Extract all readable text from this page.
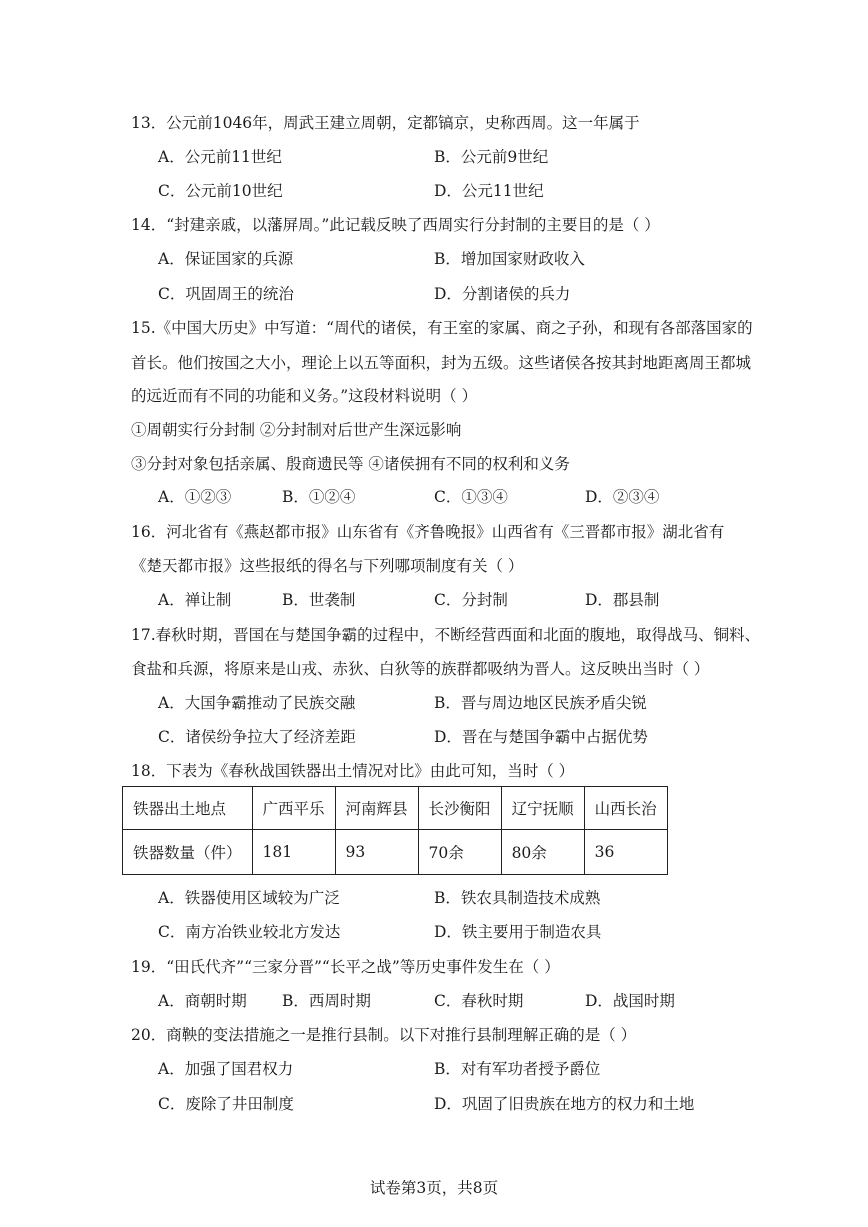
13．公元前1046年，周武王建立周朝，定都镐京，史称西周。这一年属于
A．公元前11世纪	B．公元前9世纪
C．公元前10世纪	D．公元11世纪
14．“封建亲戚，以藩屏周。”此记载反映了西周实行分封制的主要目的是（ ）
A．保证国家的兵源	B．增加国家财政收入
C．巩固周王的统治	D．分割诸侯的兵力
15.《中国大历史》中写道：“周代的诸侯，有王室的家属、商之子孙，和现有各部落国家的
首长。他们按国之大小，理论上以五等面积，封为五级。这些诸侯各按其封地距离周王都城
的远近而有不同的功能和义务。”这段材料说明（ ）
①周朝实行分封制 ②分封制对后世产生深远影响
③分封对象包括亲属、殷商遗民等 ④诸侯拥有不同的权利和义务
A．①②③	B．①②④	C．①③④	D．②③④
16．河北省有《燕赵都市报》山东省有《齐鲁晚报》山西省有《三晋都市报》湖北省有
《楚天都市报》这些报纸的得名与下列哪项制度有关（ ）
A．禅让制	B．世袭制	C．分封制	D．郡县制
17.春秋时期，晋国在与楚国争霸的过程中，不断经营西面和北面的腹地，取得战马、铜料、
食盐和兵源，将原来是山戎、赤狄、白狄等的族群都吸纳为晋人。这反映出当时（ ）
A．大国争霸推动了民族交融	B．晋与周边地区民族矛盾尖锐
C．诸侯纷争拉大了经济差距	D．晋在与楚国争霸中占据优势
18．下表为《春秋战国铁器出土情况对比》由此可知，当时（ ）
铁器出土地点	广西平乐	河南辉县	长沙衡阳	辽宁抚顺	山西长治
铁器数量（件）	181	93	70余	80余	36
A．铁器使用区域较为广泛	B．铁农具制造技术成熟
C．南方冶铁业较北方发达	D．铁主要用于制造农具
19．“田氏代齐”“三家分晋”“长平之战”等历史事件发生在（ ）
A．商朝时期 B．西周时期	C．春秋时期	D．战国时期
20．商鞅的变法措施之一是推行县制。以下对推行县制理解正确的是（ ）
A．加强了国君权力	B．对有军功者授予爵位
C．废除了井田制度	D．巩固了旧贵族在地方的权力和土地
试卷第3页，共8页
